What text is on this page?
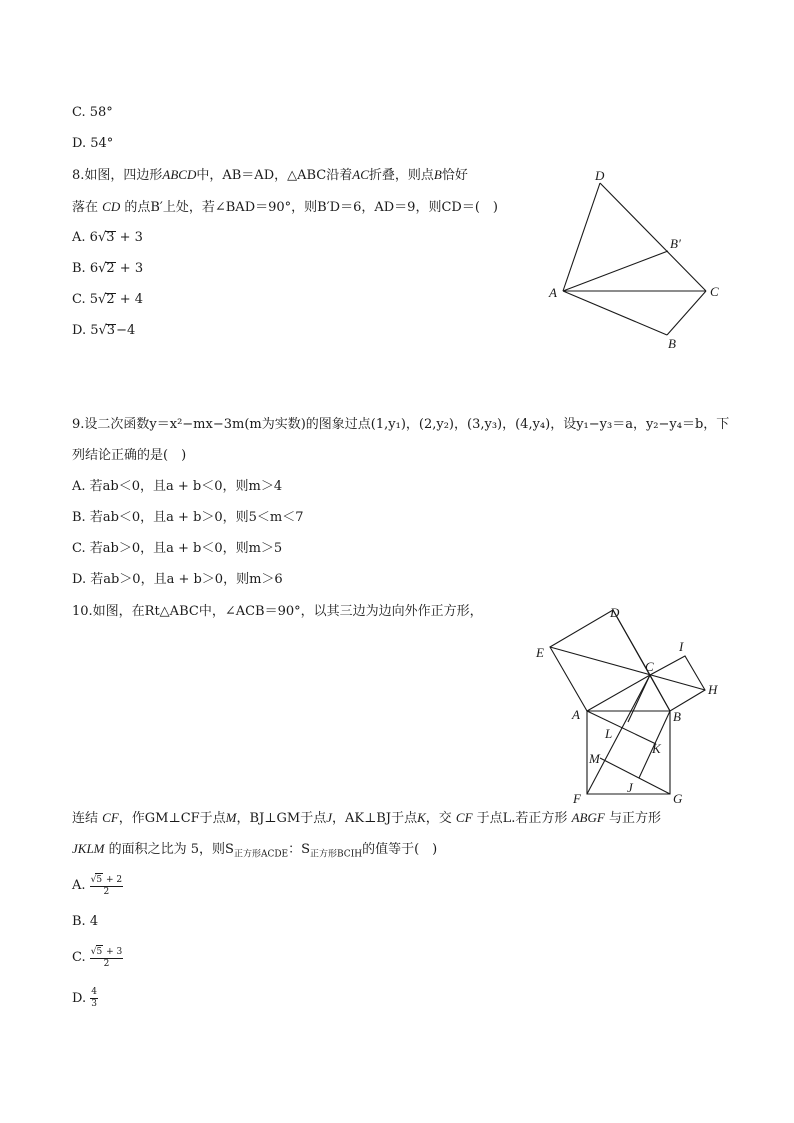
C. 58°
D. 54°
8.如图，四边形ABCD中，AB＝AD，△ABC沿着AC折叠，则点B恰好
落在 CD 的点B′上处，若∠BAD＝90°，则B′D＝6，AD＝9，则CD＝(　)
A. 6√3 + 3
B. 6√2 + 3
C. 5√2 + 4
D. 5√3−4
D
B′
A	C
B
9.设二次函数y＝x²−mx−3m(m为实数)的图象过点(1,y₁)，(2,y₂)，(3,y₃)，(4,y₄)，设y₁−y₃＝a，y₂−y₄＝b，下
列结论正确的是(　)
A. 若ab＜0，且a + b＜0，则m＞4
B. 若ab＜0，且a + b＞0，则5＜m＜7
C. 若ab＞0，且a + b＜0，则m＞5
D. 若ab＞0，且a + b＞0，则m＞6
10.如图，在Rt△ABC中，∠ACB＝90°，以其三边为边向外作正方形，	D
I
E
C
H
A	B
L
K
M
F
J
G
连结 CF，作GM⊥CF于点M，BJ⊥GM于点J，AK⊥BJ于点K，交 CF 于点L.若正方形 ABGF 与正方形
JKLM 的面积之比为 5，则$S_{正方形ACDE}$：$S_{正方形BCIH}$的值等于(　)
A. $\frac{√5 + 2}{2}$
B. 4
C. $\frac{√5 + 3}{2}$
D. $\frac{4}{3}$
